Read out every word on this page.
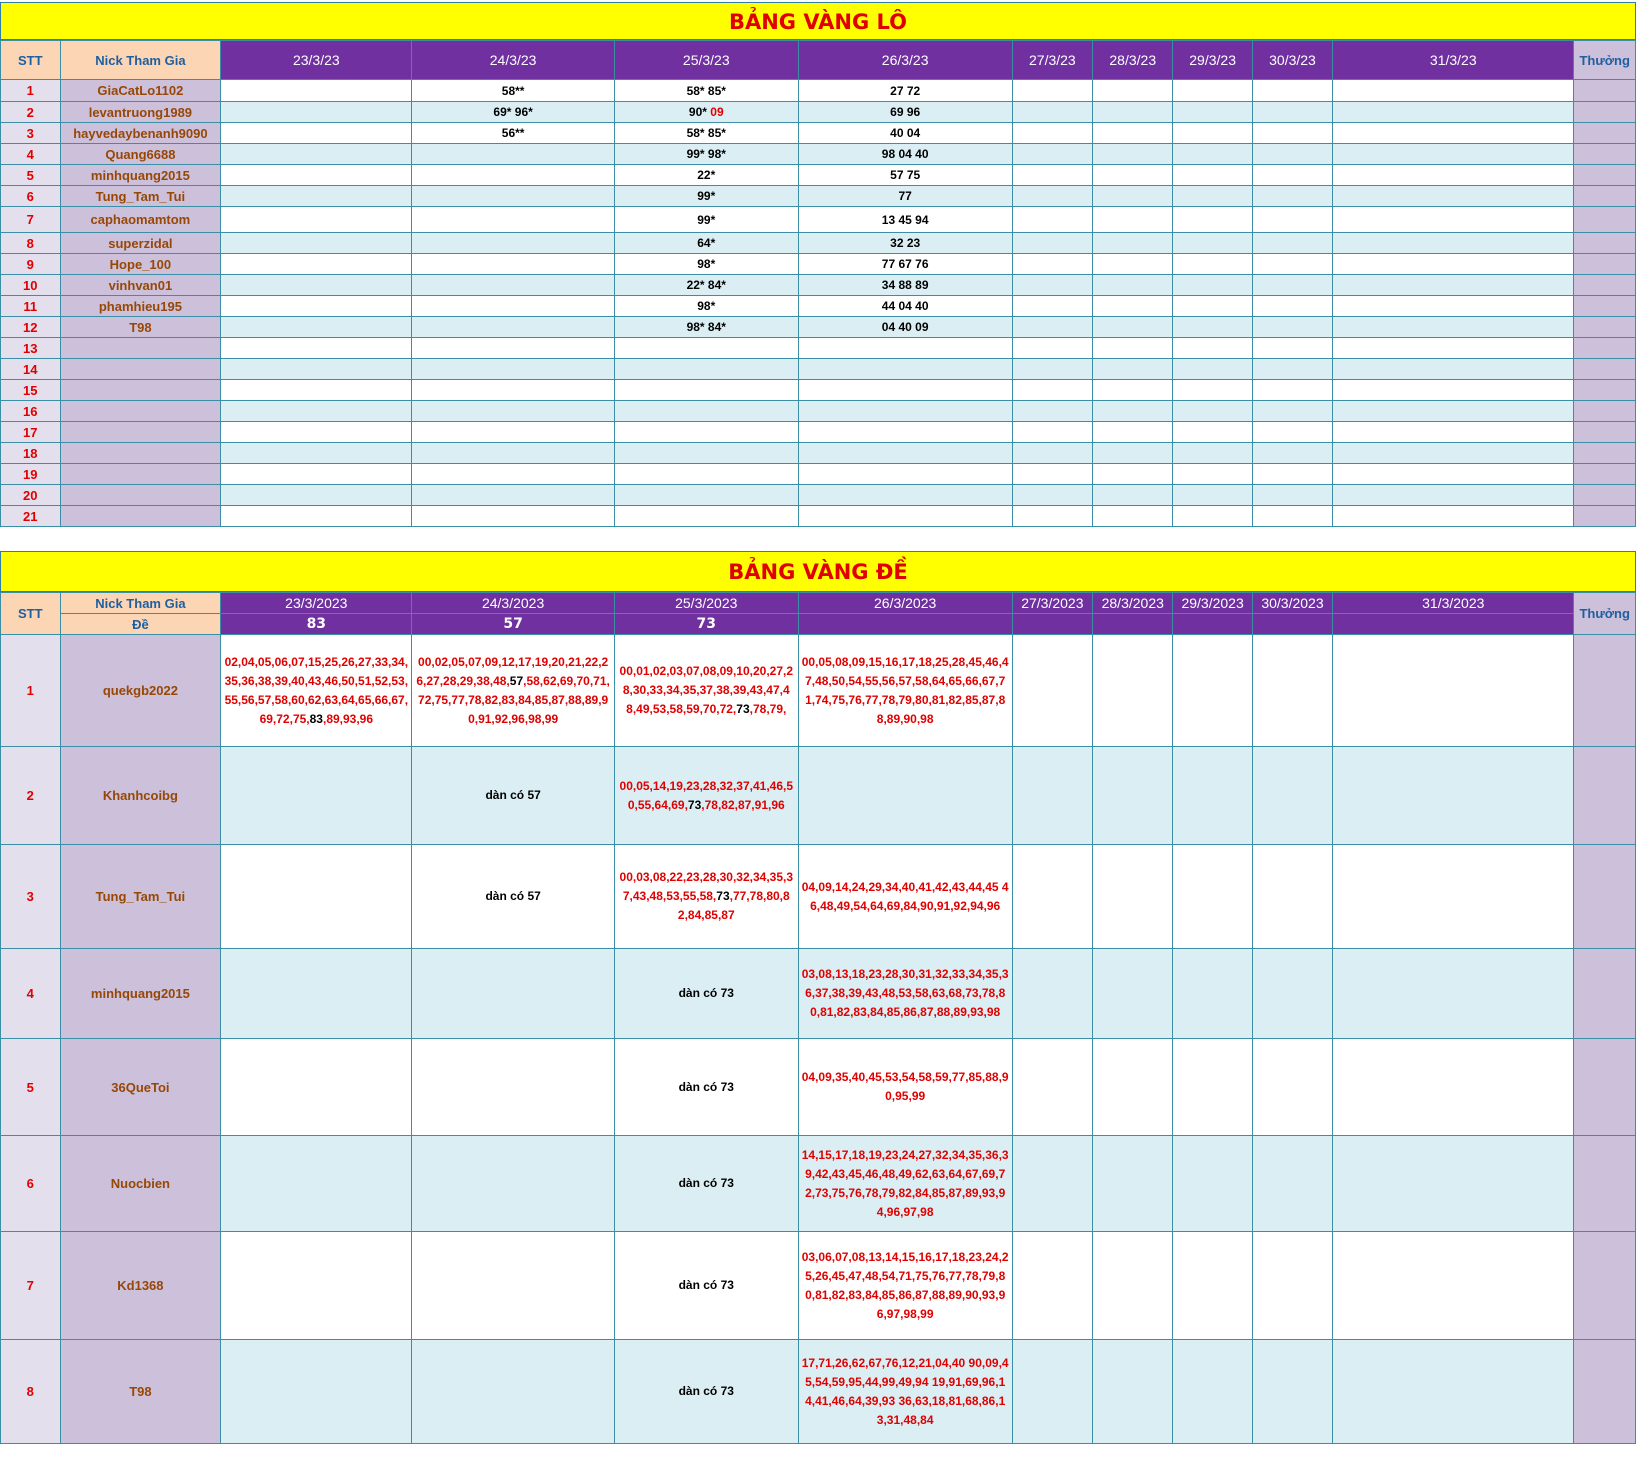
BẢNG VÀNG LÔ
STT	Nick Tham Gia	23/3/23	24/3/23	25/3/23	26/3/23	27/3/23	28/3/23	29/3/23	30/3/23	31/3/23	Thưởng
1	GiaCatLo1102		58**	58* 85*	27 72						
2	levantruong1989		69* 96*	90* 09	69 96						
3	hayvedaybenanh9090		56**	58* 85*	40 04						
4	Quang6688			99* 98*	98 04 40						
5	minhquang2015			22*	57 75						
6	Tung_Tam_Tui			99*	77						
7	caphaomamtom			99*	13 45 94						
8	superzidal			64*	32 23						
9	Hope_100			98*	77 67 76						
10	vinhvan01			22* 84*	34 88 89						
11	phamhieu195			98*	44 04 40						
12	T98			98* 84*	04 40 09						
13											
14											
15											
16											
17											
18											
19											
20											
21											
BẢNG VÀNG ĐỀ
STT	Nick Tham Gia	23/3/2023	24/3/2023	25/3/2023	26/3/2023	27/3/2023	28/3/2023	29/3/2023	30/3/2023	31/3/2023	Thưởng
	Đề	83	57	73							
1	quekgb2022	02,04,05,06,07,15,25,26,27,33,34,35,36,38,39,40,43,46,50,51,52,53,55,56,57,58,60,62,63,64,65,66,67,69,72,75,83,89,93,96	00,02,05,07,09,12,17,19,20,21,22,26,27,28,29,38,48,57,58,62,69,70,71,72,75,77,78,82,83,84,85,87,88,89,90,91,92,96,98,99	00,01,02,03,07,08,09,10,20,27,28,30,33,34,35,37,38,39,43,47,48,49,53,58,59,70,72,73,78,79,	00,05,08,09,15,16,17,18,25,28,45,46,47,48,50,54,55,56,57,58,64,65,66,67,71,74,75,76,77,78,79,80,81,82,85,87,88,89,90,98						

2	Khanhcoibg		dàn có 57	00,05,14,19,23,28,32,37,41,46,50,55,64,69,73,78,82,87,91,96							

3	Tung_Tam_Tui		dàn có 57	00,03,08,22,23,28,30,32,34,35,37,43,48,53,55,58,73,77,78,80,82,84,85,87	04,09,14,24,29,34,40,41,42,43,44,45 46,48,49,54,64,69,84,90,91,92,94,96						

4	minhquang2015			dàn có 73	03,08,13,18,23,28,30,31,32,33,34,35,36,37,38,39,43,48,53,58,63,68,73,78,80,81,82,83,84,85,86,87,88,89,93,98						

5	36QueToi			dàn có 73	04,09,35,40,45,53,54,58,59,77,85,88,90,95,99						

6	Nuocbien			dàn có 73	14,15,17,18,19,23,24,27,32,34,35,36,39,42,43,45,46,48,49,62,63,64,67,69,72,73,75,76,78,79,82,84,85,87,89,93,94,96,97,98						

7	Kd1368			dàn có 73	03,06,07,08,13,14,15,16,17,18,23,24,25,26,45,47,48,54,71,75,76,77,78,79,80,81,82,83,84,85,86,87,88,89,90,93,96,97,98,99						

8	T98			dàn có 73	17,71,26,62,67,76,12,21,04,40 90,09,45,54,59,95,44,99,49,94 19,91,69,96,14,41,46,64,39,93 36,63,18,81,68,86,13,31,48,84						
